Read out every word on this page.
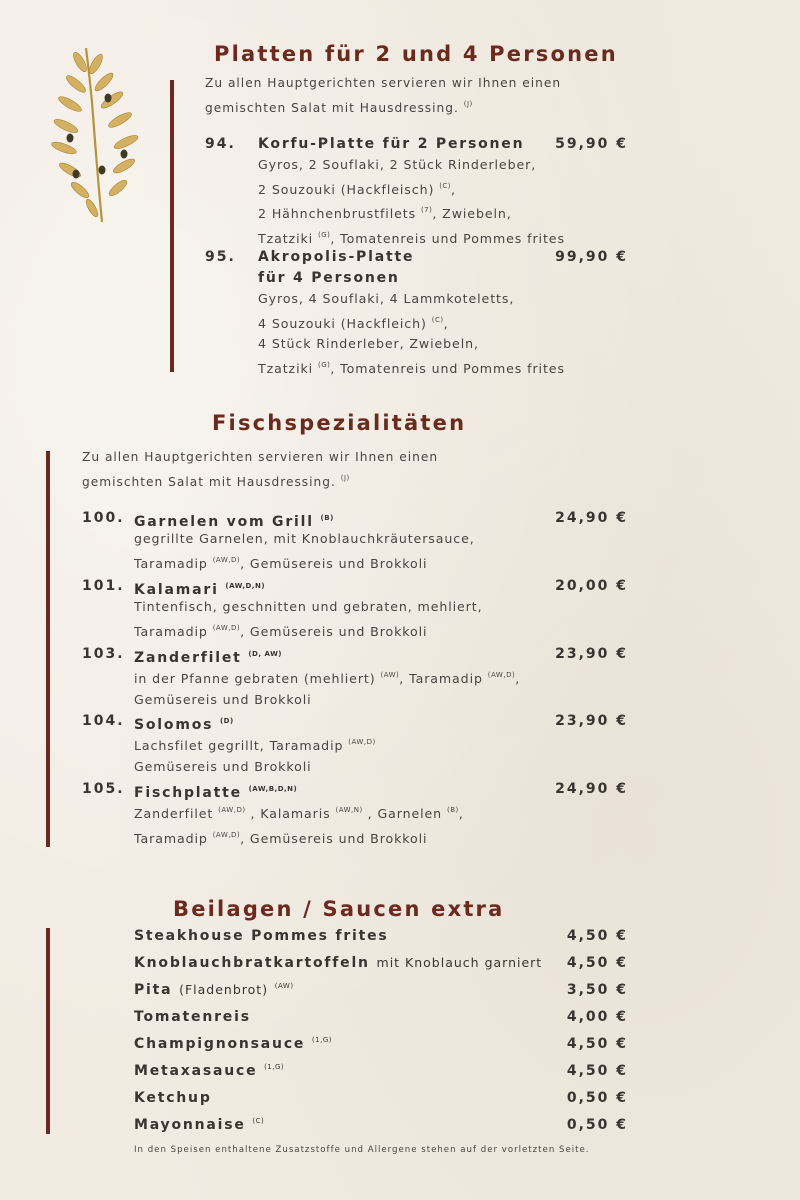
Platten für 2 und 4 Personen
Zu allen Hauptgerichten servieren wir Ihnen einen
gemischten Salat mit Hausdressing. $^{(J)}$
94. Korfu-Platte für 2 Personen 59,90 €
Gyros, 2 Souflaki, 2 Stück Rinderleber,
2 Souzouki (Hackfleisch) $^{(C)}$,
2 Hähnchenbrustfilets $^{(7)}$, Zwiebeln,
Tzatziki $^{(G)}$, Tomatenreis und Pommes frites
95. Akropolis-Platte
für 4 Personen
99,90 €
Gyros, 4 Souflaki, 4 Lammkoteletts,
4 Souzouki (Hackfleich) $^{(C)}$,
4 Stück Rinderleber, Zwiebeln,
Tzatziki $^{(G)}$, Tomatenreis und Pommes frites
Fischspezialitäten
Zu allen Hauptgerichten servieren wir Ihnen einen
gemischten Salat mit Hausdressing. $^{(J)}$
100. Garnelen vom Grill $^{(B)}$	24,90 €
gegrillte Garnelen, mit Knoblauchkräutersauce,
Taramadip $^{(AW,D)}$, Gemüsereis und Brokkoli
101. Kalamari $^{(AW,D,N)}$	20,00 €
Tintenfisch, geschnitten und gebraten, mehliert,
Taramadip $^{(AW,D)}$, Gemüsereis und Brokkoli
103. Zanderfilet $^{(D, AW)}$	23,90 €
in der Pfanne gebraten (mehliert) $^{(AW)}$, Taramadip $^{(AW,D)}$,
Gemüsereis und Brokkoli
104. Solomos $^{(D)}$	23,90 €
Lachsfilet gegrillt, Taramadip $^{(AW,D)}$
Gemüsereis und Brokkoli
105. Fischplatte $^{(AW,B,D,N)}$	24,90 €
Zanderfilet $^{(AW,D)}$ , Kalamaris $^{(AW,N)}$ , Garnelen $^{(B)}$,
Taramadip $^{(AW,D)}$, Gemüsereis und Brokkoli
Beilagen / Saucen extra
Steakhouse Pommes frites	4,50 €
Knoblauchbratkartoffeln mit Knoblauch garniert 4,50 €
Pita (Fladenbrot) $^{(AW)}$	3,50 €
Tomatenreis	4,00 €
Champignonsauce $^{(1,G)}$	4,50 €
Metaxasauce $^{(1,G)}$	4,50 €
Ketchup	0,50 €
Mayonnaise $^{(C)}$	0,50 €
In den Speisen enthaltene Zusatzstoffe und Allergene stehen auf der vorletzten Seite.
